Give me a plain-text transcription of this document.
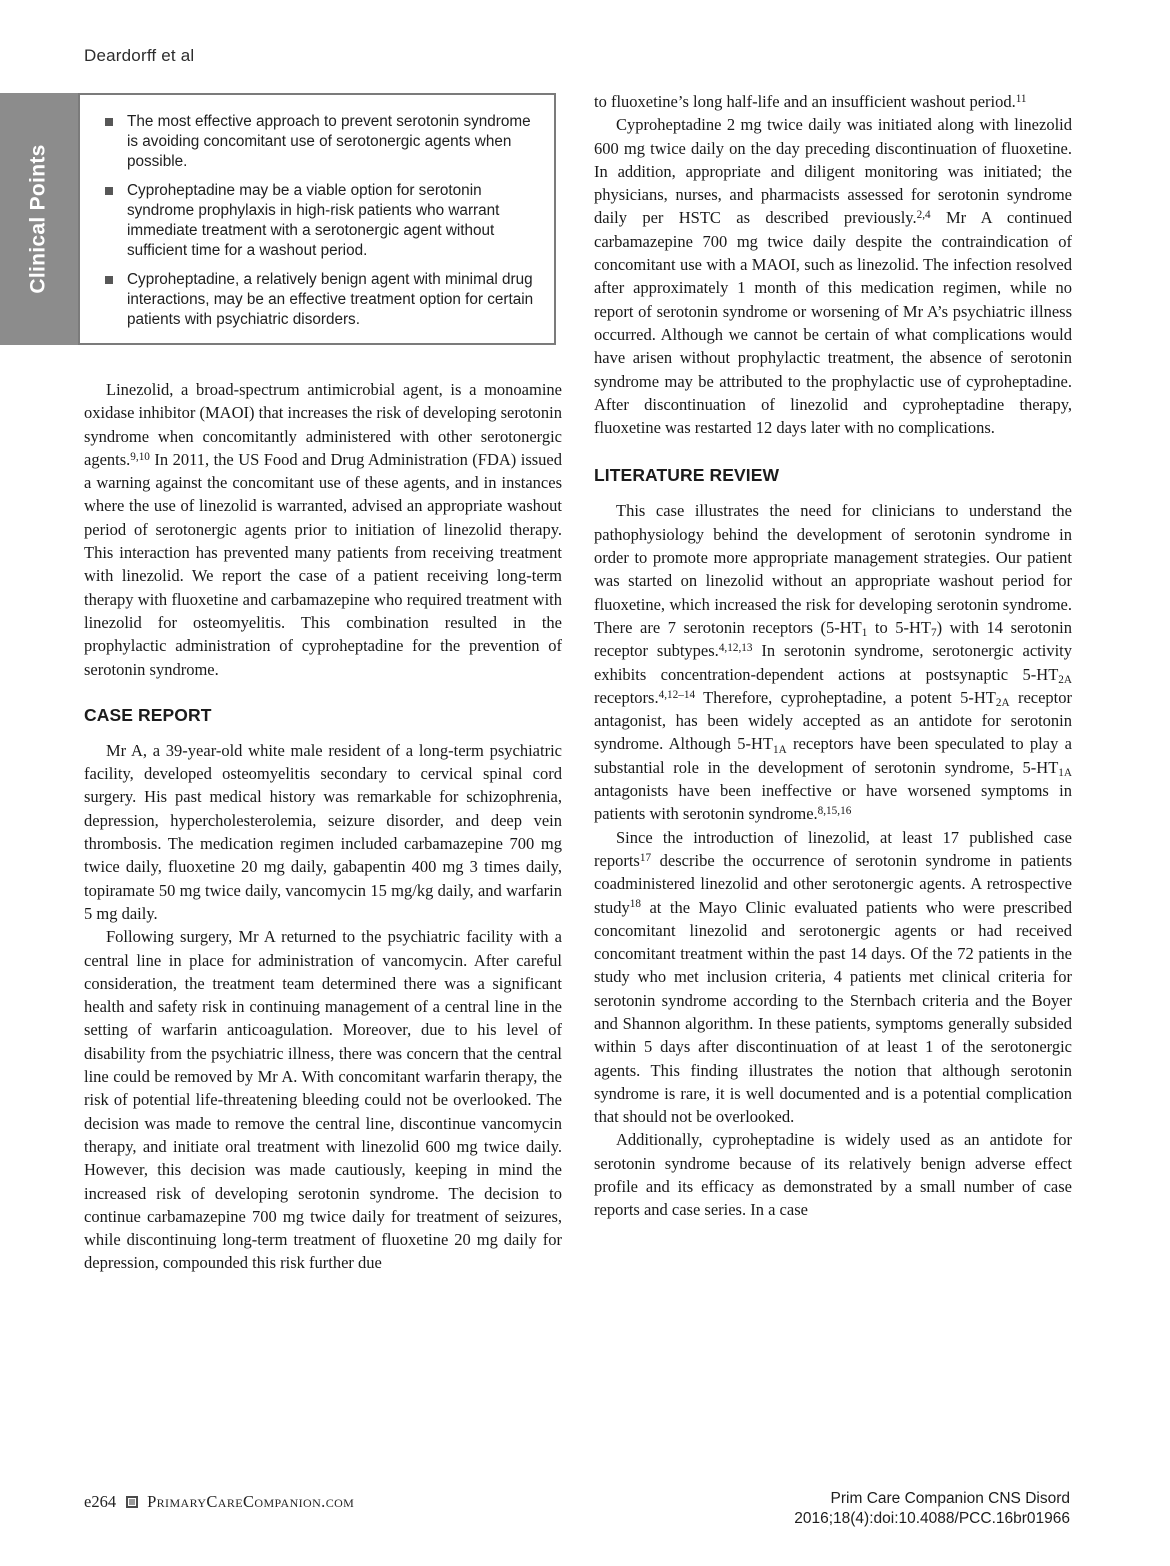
Deardorff et al
Clinical Points
The most effective approach to prevent serotonin syndrome is avoiding concomitant use of serotonergic agents when possible.
Cyproheptadine may be a viable option for serotonin syndrome prophylaxis in high-risk patients who warrant immediate treatment with a serotonergic agent without sufficient time for a washout period.
Cyproheptadine, a relatively benign agent with minimal drug interactions, may be an effective treatment option for certain patients with psychiatric disorders.

Linezolid, a broad-spectrum antimicrobial agent, is a monoamine oxidase inhibitor (MAOI) that increases the risk of developing serotonin syndrome when concomitantly administered with other serotonergic agents.$^{9,10}$ In 2011, the US Food and Drug Administration (FDA) issued a warning against the concomitant use of these agents, and in instances where the use of linezolid is warranted, advised an appropriate washout period of serotonergic agents prior to initiation of linezolid therapy. This interaction has prevented many patients from receiving treatment with linezolid. We report the case of a patient receiving long-term therapy with fluoxetine and carbamazepine who required treatment with linezolid for osteomyelitis. This combination resulted in the prophylactic administration of cyproheptadine for the prevention of serotonin syndrome.

CASE REPORT

Mr A, a 39-year-old white male resident of a long-term psychiatric facility, developed osteomyelitis secondary to cervical spinal cord surgery. His past medical history was remarkable for schizophrenia, depression, hypercholesterolemia, seizure disorder, and deep vein thrombosis. The medication regimen included carbamazepine 700 mg twice daily, fluoxetine 20 mg daily, gabapentin 400 mg 3 times daily, topiramate 50 mg twice daily, vancomycin 15 mg/kg daily, and warfarin 5 mg daily.

Following surgery, Mr A returned to the psychiatric facility with a central line in place for administration of vancomycin. After careful consideration, the treatment team determined there was a significant health and safety risk in continuing management of a central line in the setting of warfarin anticoagulation. Moreover, due to his level of disability from the psychiatric illness, there was concern that the central line could be removed by Mr A. With concomitant warfarin therapy, the risk of potential life-threatening bleeding could not be overlooked. The decision was made to remove the central line, discontinue vancomycin therapy, and initiate oral treatment with linezolid 600 mg twice daily. However, this decision was made cautiously, keeping in mind the increased risk of developing serotonin syndrome. The decision to continue carbamazepine 700 mg twice daily for treatment of seizures, while discontinuing long-term treatment of fluoxetine 20 mg daily for depression, compounded this risk further due

to fluoxetine’s long half-life and an insufficient washout period.$^{11}$

Cyproheptadine 2 mg twice daily was initiated along with linezolid 600 mg twice daily on the day preceding discontinuation of fluoxetine. In addition, appropriate and diligent monitoring was initiated; the physicians, nurses, and pharmacists assessed for serotonin syndrome daily per HSTC as described previously.$^{2,4}$ Mr A continued carbamazepine 700 mg twice daily despite the contraindication of concomitant use with a MAOI, such as linezolid. The infection resolved after approximately 1 month of this medication regimen, while no report of serotonin syndrome or worsening of Mr A’s psychiatric illness occurred. Although we cannot be certain of what complications would have arisen without prophylactic treatment, the absence of serotonin syndrome may be attributed to the prophylactic use of cyproheptadine. After discontinuation of linezolid and cyproheptadine therapy, fluoxetine was restarted 12 days later with no complications.

LITERATURE REVIEW

This case illustrates the need for clinicians to understand the pathophysiology behind the development of serotonin syndrome in order to promote more appropriate management strategies. Our patient was started on linezolid without an appropriate washout period for fluoxetine, which increased the risk for developing serotonin syndrome. There are 7 serotonin receptors ($5-HT_1$ to $5-HT_7$) with 14 serotonin receptor subtypes.$^{4,12,13}$ In serotonin syndrome, serotonergic activity exhibits concentration-dependent actions at postsynaptic $5-HT_{2A}$ receptors.$^{4,12-14}$ Therefore, cyproheptadine, a potent $5-HT_{2A}$ receptor antagonist, has been widely accepted as an antidote for serotonin syndrome. Although $5-HT_{1A}$ receptors have been speculated to play a substantial role in the development of serotonin syndrome, $5-HT_{1A}$ antagonists have been ineffective or have worsened symptoms in patients with serotonin syndrome.$^{8,15,16}$

Since the introduction of linezolid, at least 17 published case reports$^{17}$ describe the occurrence of serotonin syndrome in patients coadministered linezolid and other serotonergic agents. A retrospective study$^{18}$ at the Mayo Clinic evaluated patients who were prescribed concomitant linezolid and serotonergic agents or had received concomitant treatment within the past 14 days. Of the 72 patients in the study who met inclusion criteria, 4 patients met clinical criteria for serotonin syndrome according to the Sternbach criteria and the Boyer and Shannon algorithm. In these patients, symptoms generally subsided within 5 days after discontinuation of at least 1 of the serotonergic agents. This finding illustrates the notion that although serotonin syndrome is rare, it is well documented and is a potential complication that should not be overlooked.

Additionally, cyproheptadine is widely used as an antidote for serotonin syndrome because of its relatively benign adverse effect profile and its efficacy as demonstrated by a small number of case reports and case series. In a case

e264 PrimaryCareCompanion.com	Prim Care Companion CNS Disord
2016;18(4):doi:10.4088/PCC.16br01966
